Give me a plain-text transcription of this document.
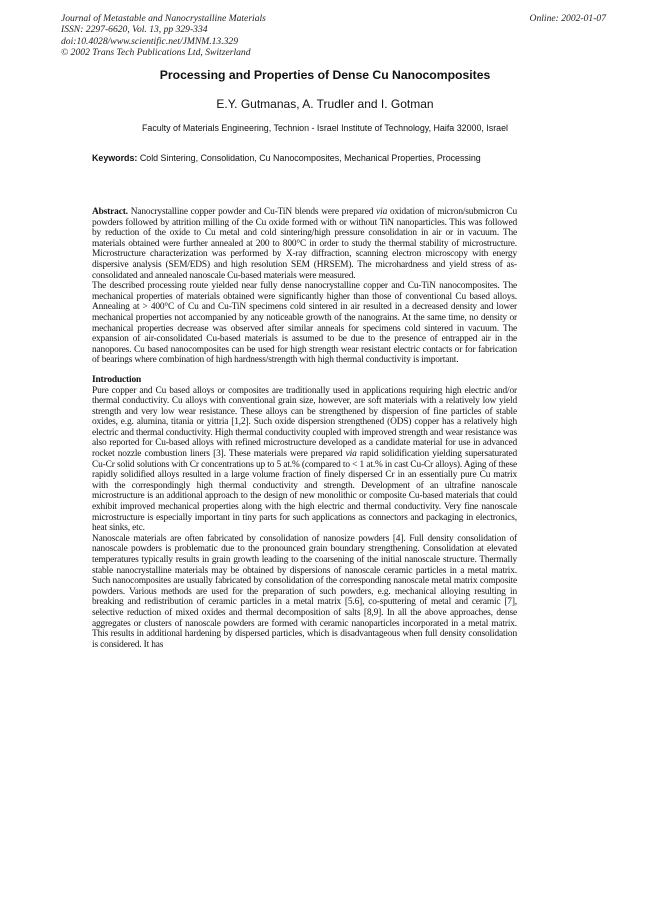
Journal of Metastable and Nanocrystalline Materials
ISSN: 2297-6620, Vol. 13, pp 329-334
doi:10.4028/www.scientific.net/JMNM.13.329
© 2002 Trans Tech Publications Ltd, Switzerland
Online: 2002-01-07
Processing and Properties of Dense Cu Nanocomposites
E.Y. Gutmanas, A. Trudler and I. Gotman
Faculty of Materials Engineering, Technion - Israel Institute of Technology, Haifa 32000, Israel
Keywords: Cold Sintering, Consolidation, Cu Nanocomposites, Mechanical Properties, Processing

Abstract. Nanocrystalline copper powder and Cu-TiN blends were prepared via oxidation of micron/submicron Cu powders followed by attrition milling of the Cu oxide formed with or without TiN nanoparticles. This was followed by reduction of the oxide to Cu metal and cold sintering/high pressure consolidation in air or in vacuum. The materials obtained were further annealed at 200 to 800°C in order to study the thermal stability of microstructure. Microstructure characterization was performed by X-ray diffraction, scanning electron microscopy with energy dispersive analysis (SEM/EDS) and high resolution SEM (HRSEM). The microhardness and yield stress of as-consolidated and annealed nanoscale Cu-based materials were measured.

The described processing route yielded near fully dense nanocrystalline copper and Cu-TiN nanocomposites. The mechanical properties of materials obtained were significantly higher than those of conventional Cu based alloys. Annealing at > 400°C of Cu and Cu-TiN specimens cold sintered in air resulted in a decreased density and lower mechanical properties not accompanied by any noticeable growth of the nanograins. At the same time, no density or mechanical properties decrease was observed after similar anneals for specimens cold sintered in vacuum. The expansion of air-consolidated Cu-based materials is assumed to be due to the presence of entrapped air in the nanopores. Cu based nanocomposites can be used for high strength wear resistant electric contacts or for fabrication of bearings where combination of high hardness/strength with high thermal conductivity is important.

Introduction

Pure copper and Cu based alloys or composites are traditionally used in applications requiring high electric and/or thermal conductivity. Cu alloys with conventional grain size, however, are soft materials with a relatively low yield strength and very low wear resistance. These alloys can be strengthened by dispersion of fine particles of stable oxides, e.g. alumina, titania or yittria [1,2]. Such oxide dispersion strengthened (ODS) copper has a relatively high electric and thermal conductivity. High thermal conductivity coupled with improved strength and wear resistance was also reported for Cu-based alloys with refined microstructure developed as a candidate material for use in advanced rocket nozzle combustion liners [3]. These materials were prepared via rapid solidification yielding supersaturated Cu-Cr solid solutions with Cr concentrations up to 5 at.% (compared to < 1 at.% in cast Cu-Cr alloys). Aging of these rapidly solidified alloys resulted in a large volume fraction of finely dispersed Cr in an essentially pure Cu matrix with the correspondingly high thermal conductivity and strength. Development of an ultrafine nanoscale microstructure is an additional approach to the design of new monolithic or composite Cu-based materials that could exhibit improved mechanical properties along with the high electric and thermal conductivity. Very fine nanoscale microstructure is especially important in tiny parts for such applications as connectors and packaging in electronics, heat sinks, etc.

Nanoscale materials are often fabricated by consolidation of nanosize powders [4]. Full density consolidation of nanoscale powders is problematic due to the pronounced grain boundary strengthening. Consolidation at elevated temperatures typically results in grain growth leading to the coarsening of the initial nanoscale structure. Thermally stable nanocrystalline materials may be obtained by dispersions of nanoscale ceramic particles in a metal matrix. Such nanocomposites are usually fabricated by consolidation of the corresponding nanoscale metal matrix composite powders. Various methods are used for the preparation of such powders, e.g. mechanical alloying resulting in breaking and redistribution of ceramic particles in a metal matrix [5.6], co-sputtering of metal and ceramic [7], selective reduction of mixed oxides and thermal decomposition of salts [8,9]. In all the above approaches, dense aggregates or clusters of nanoscale powders are formed with ceramic nanoparticles incorporated in a metal matrix. This results in additional hardening by dispersed particles, which is disadvantageous when full density consolidation is considered. It has
